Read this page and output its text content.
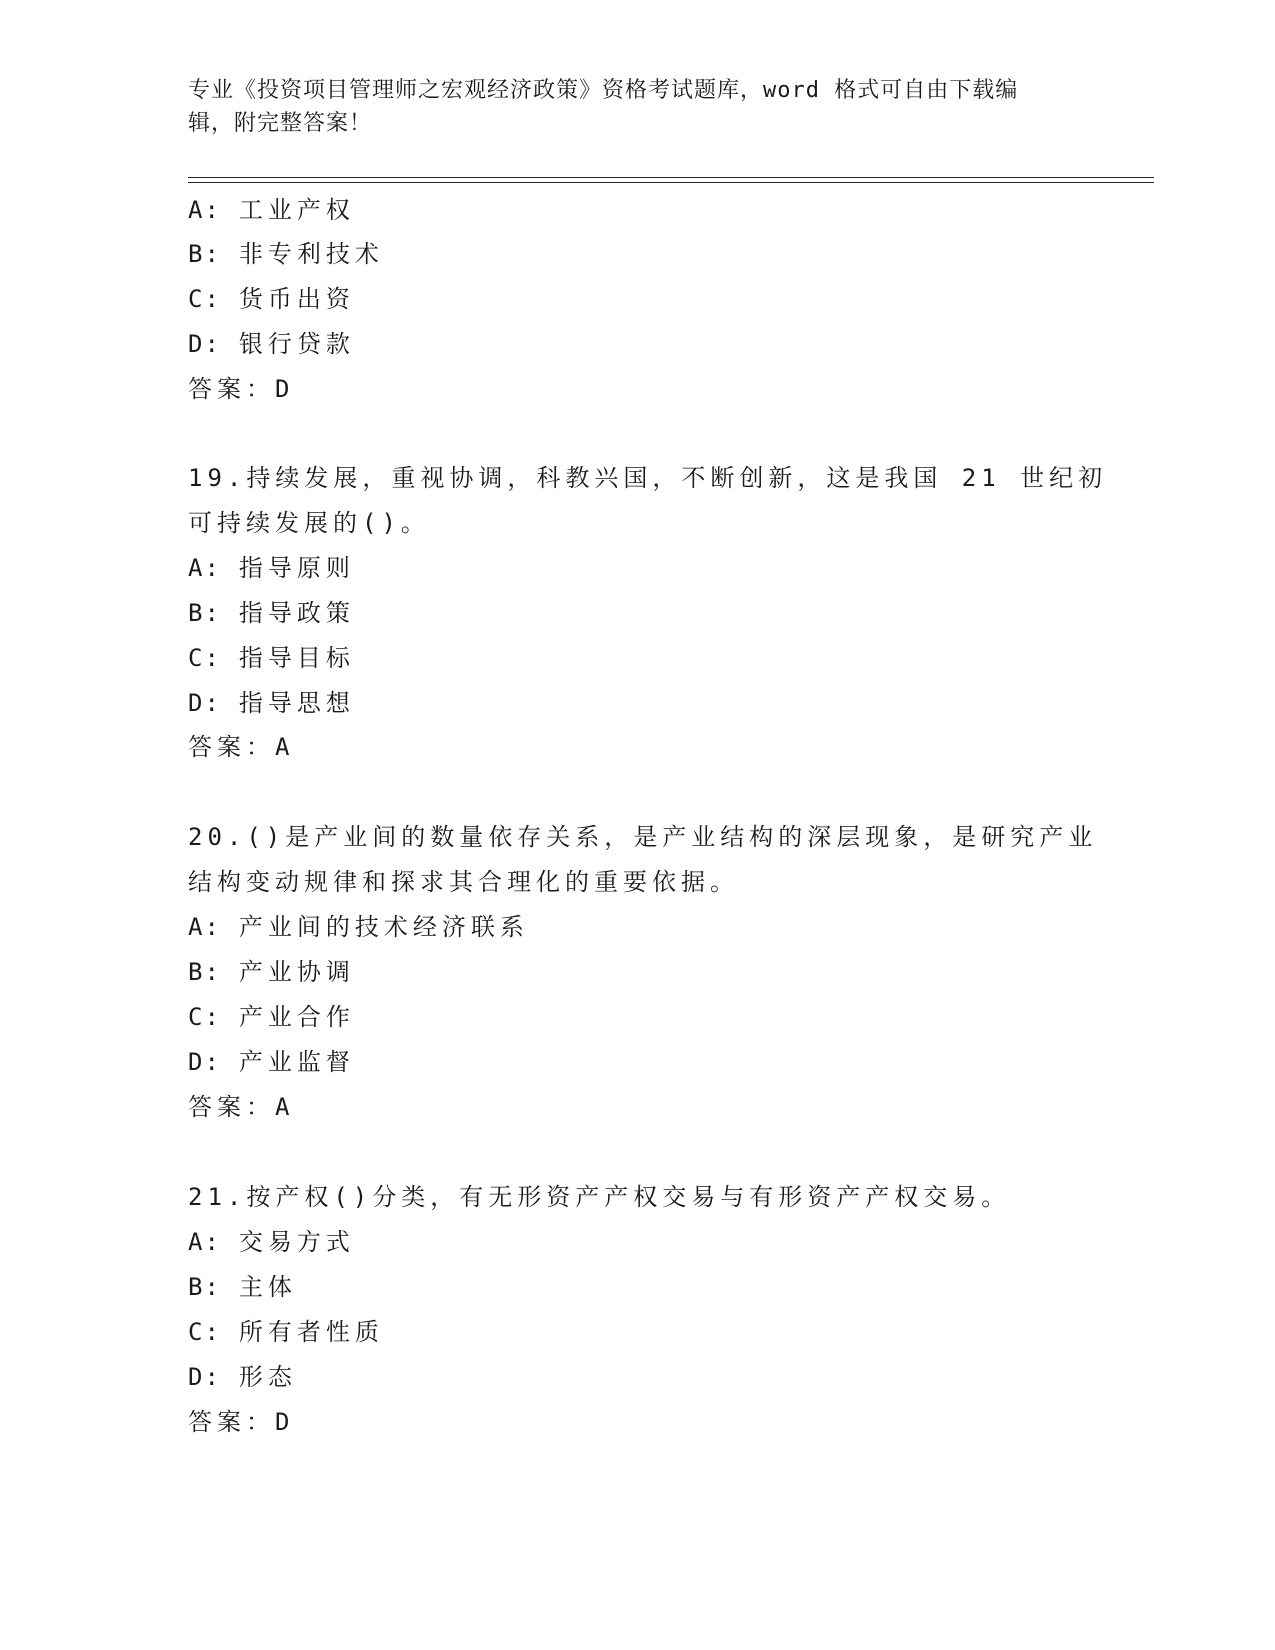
专业《投资项目管理师之宏观经济政策》资格考试题库，word 格式可自由下载编
辑，附完整答案！
A: 工业产权
B: 非专利技术
C: 货币出资
D: 银行贷款
答案：D
19.持续发展，重视协调，科教兴国，不断创新，这是我国 21 世纪初
可持续发展的()。
A: 指导原则
B: 指导政策
C: 指导目标
D: 指导思想
答案：A
20.()是产业间的数量依存关系，是产业结构的深层现象，是研究产业
结构变动规律和探求其合理化的重要依据。
A: 产业间的技术经济联系
B: 产业协调
C: 产业合作
D: 产业监督
答案：A
21.按产权()分类，有无形资产产权交易与有形资产产权交易。
A: 交易方式
B: 主体
C: 所有者性质
D: 形态
答案：D
